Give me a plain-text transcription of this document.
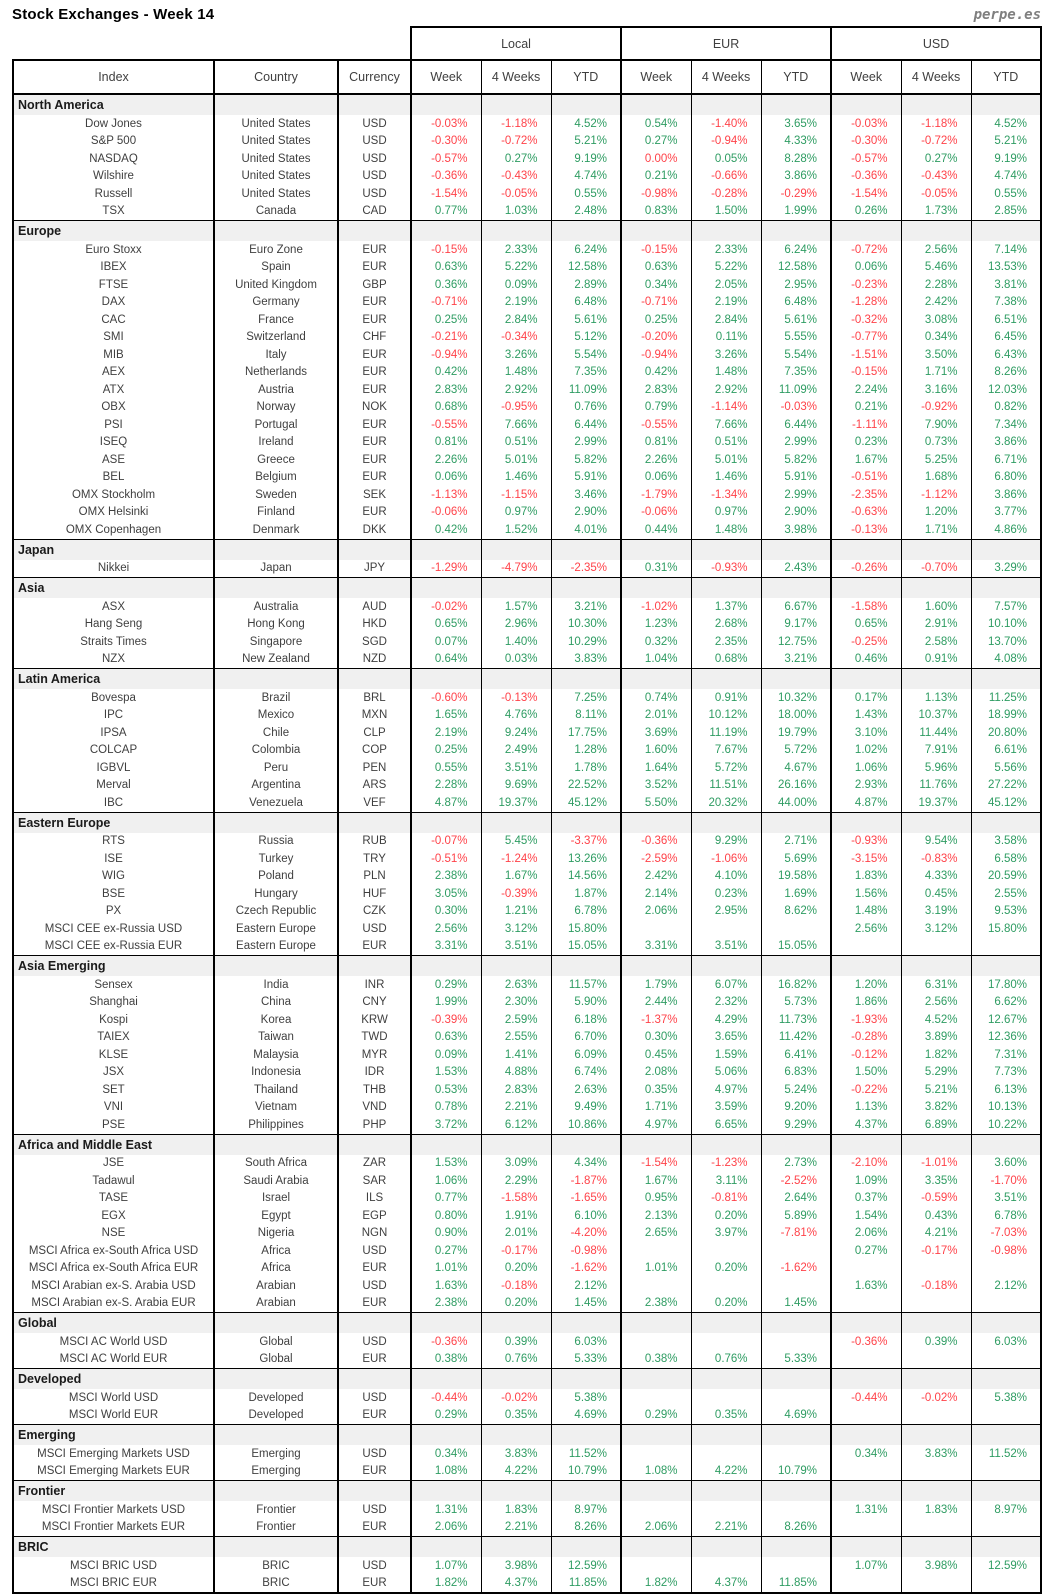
Stock Exchanges - Week 14	perpe.es
			Local			EUR			USD		
Index	Country	Currency	Week	4 Weeks	YTD	Week	4 Weeks	YTD	Week	4 Weeks	YTD
North America											
Dow Jones	United States	USD	-0.03%	-1.18%	4.52%	0.54%	-1.40%	3.65%	-0.03%	-1.18%	4.52%
S&P 500	United States	USD	-0.30%	-0.72%	5.21%	0.27%	-0.94%	4.33%	-0.30%	-0.72%	5.21%
NASDAQ	United States	USD	-0.57%	0.27%	9.19%	0.00%	0.05%	8.28%	-0.57%	0.27%	9.19%
Wilshire	United States	USD	-0.36%	-0.43%	4.74%	0.21%	-0.66%	3.86%	-0.36%	-0.43%	4.74%
Russell	United States	USD	-1.54%	-0.05%	0.55%	-0.98%	-0.28%	-0.29%	-1.54%	-0.05%	0.55%
TSX	Canada	CAD	0.77%	1.03%	2.48%	0.83%	1.50%	1.99%	0.26%	1.73%	2.85%
Europe											
Euro Stoxx	Euro Zone	EUR	-0.15%	2.33%	6.24%	-0.15%	2.33%	6.24%	-0.72%	2.56%	7.14%
IBEX	Spain	EUR	0.63%	5.22%	12.58%	0.63%	5.22%	12.58%	0.06%	5.46%	13.53%
FTSE	United Kingdom	GBP	0.36%	0.09%	2.89%	0.34%	2.05%	2.95%	-0.23%	2.28%	3.81%
DAX	Germany	EUR	-0.71%	2.19%	6.48%	-0.71%	2.19%	6.48%	-1.28%	2.42%	7.38%
CAC	France	EUR	0.25%	2.84%	5.61%	0.25%	2.84%	5.61%	-0.32%	3.08%	6.51%
SMI	Switzerland	CHF	-0.21%	-0.34%	5.12%	-0.20%	0.11%	5.55%	-0.77%	0.34%	6.45%
MIB	Italy	EUR	-0.94%	3.26%	5.54%	-0.94%	3.26%	5.54%	-1.51%	3.50%	6.43%
AEX	Netherlands	EUR	0.42%	1.48%	7.35%	0.42%	1.48%	7.35%	-0.15%	1.71%	8.26%
ATX	Austria	EUR	2.83%	2.92%	11.09%	2.83%	2.92%	11.09%	2.24%	3.16%	12.03%
OBX	Norway	NOK	0.68%	-0.95%	0.76%	0.79%	-1.14%	-0.03%	0.21%	-0.92%	0.82%
PSI	Portugal	EUR	-0.55%	7.66%	6.44%	-0.55%	7.66%	6.44%	-1.11%	7.90%	7.34%
ISEQ	Ireland	EUR	0.81%	0.51%	2.99%	0.81%	0.51%	2.99%	0.23%	0.73%	3.86%
ASE	Greece	EUR	2.26%	5.01%	5.82%	2.26%	5.01%	5.82%	1.67%	5.25%	6.71%
BEL	Belgium	EUR	0.06%	1.46%	5.91%	0.06%	1.46%	5.91%	-0.51%	1.68%	6.80%
OMX Stockholm	Sweden	SEK	-1.13%	-1.15%	3.46%	-1.79%	-1.34%	2.99%	-2.35%	-1.12%	3.86%
OMX Helsinki	Finland	EUR	-0.06%	0.97%	2.90%	-0.06%	0.97%	2.90%	-0.63%	1.20%	3.77%
OMX Copenhagen	Denmark	DKK	0.42%	1.52%	4.01%	0.44%	1.48%	3.98%	-0.13%	1.71%	4.86%
Japan											
Nikkei	Japan	JPY	-1.29%	-4.79%	-2.35%	0.31%	-0.93%	2.43%	-0.26%	-0.70%	3.29%
Asia											
ASX	Australia	AUD	-0.02%	1.57%	3.21%	-1.02%	1.37%	6.67%	-1.58%	1.60%	7.57%
Hang Seng	Hong Kong	HKD	0.65%	2.96%	10.30%	1.23%	2.68%	9.17%	0.65%	2.91%	10.10%
Straits Times	Singapore	SGD	0.07%	1.40%	10.29%	0.32%	2.35%	12.75%	-0.25%	2.58%	13.70%
NZX	New Zealand	NZD	0.64%	0.03%	3.83%	1.04%	0.68%	3.21%	0.46%	0.91%	4.08%
Latin America											
Bovespa	Brazil	BRL	-0.60%	-0.13%	7.25%	0.74%	0.91%	10.32%	0.17%	1.13%	11.25%
IPC	Mexico	MXN	1.65%	4.76%	8.11%	2.01%	10.12%	18.00%	1.43%	10.37%	18.99%
IPSA	Chile	CLP	2.19%	9.24%	17.75%	3.69%	11.19%	19.79%	3.10%	11.44%	20.80%
COLCAP	Colombia	COP	0.25%	2.49%	1.28%	1.60%	7.67%	5.72%	1.02%	7.91%	6.61%
IGBVL	Peru	PEN	0.55%	3.51%	1.78%	1.64%	5.72%	4.67%	1.06%	5.96%	5.56%
Merval	Argentina	ARS	2.28%	9.69%	22.52%	3.52%	11.51%	26.16%	2.93%	11.76%	27.22%
IBC	Venezuela	VEF	4.87%	19.37%	45.12%	5.50%	20.32%	44.00%	4.87%	19.37%	45.12%
Eastern Europe											
RTS	Russia	RUB	-0.07%	5.45%	-3.37%	-0.36%	9.29%	2.71%	-0.93%	9.54%	3.58%
ISE	Turkey	TRY	-0.51%	-1.24%	13.26%	-2.59%	-1.06%	5.69%	-3.15%	-0.83%	6.58%
WIG	Poland	PLN	2.38%	1.67%	14.56%	2.42%	4.10%	19.58%	1.83%	4.33%	20.59%
BSE	Hungary	HUF	3.05%	-0.39%	1.87%	2.14%	0.23%	1.69%	1.56%	0.45%	2.55%
PX	Czech Republic	CZK	0.30%	1.21%	6.78%	2.06%	2.95%	8.62%	1.48%	3.19%	9.53%
MSCI CEE ex-Russia USD	Eastern Europe	USD	2.56%	3.12%	15.80%				2.56%	3.12%	15.80%
MSCI CEE ex-Russia EUR	Eastern Europe	EUR	3.31%	3.51%	15.05%	3.31%	3.51%	15.05%			
Asia Emerging											
Sensex	India	INR	0.29%	2.63%	11.57%	1.79%	6.07%	16.82%	1.20%	6.31%	17.80%
Shanghai	China	CNY	1.99%	2.30%	5.90%	2.44%	2.32%	5.73%	1.86%	2.56%	6.62%
Kospi	Korea	KRW	-0.39%	2.59%	6.18%	-1.37%	4.29%	11.73%	-1.93%	4.52%	12.67%
TAIEX	Taiwan	TWD	0.63%	2.55%	6.70%	0.30%	3.65%	11.42%	-0.28%	3.89%	12.36%
KLSE	Malaysia	MYR	0.09%	1.41%	6.09%	0.45%	1.59%	6.41%	-0.12%	1.82%	7.31%
JSX	Indonesia	IDR	1.53%	4.88%	6.74%	2.08%	5.06%	6.83%	1.50%	5.29%	7.73%
SET	Thailand	THB	0.53%	2.83%	2.63%	0.35%	4.97%	5.24%	-0.22%	5.21%	6.13%
VNI	Vietnam	VND	0.78%	2.21%	9.49%	1.71%	3.59%	9.20%	1.13%	3.82%	10.13%
PSE	Philippines	PHP	3.72%	6.12%	10.86%	4.97%	6.65%	9.29%	4.37%	6.89%	10.22%
Africa and Middle East											
JSE	South Africa	ZAR	1.53%	3.09%	4.34%	-1.54%	-1.23%	2.73%	-2.10%	-1.01%	3.60%
Tadawul	Saudi Arabia	SAR	1.06%	2.29%	-1.87%	1.67%	3.11%	-2.52%	1.09%	3.35%	-1.70%
TASE	Israel	ILS	0.77%	-1.58%	-1.65%	0.95%	-0.81%	2.64%	0.37%	-0.59%	3.51%
EGX	Egypt	EGP	0.80%	1.91%	6.10%	2.13%	0.20%	5.89%	1.54%	0.43%	6.78%
NSE	Nigeria	NGN	0.90%	2.01%	-4.20%	2.65%	3.97%	-7.81%	2.06%	4.21%	-7.03%
MSCI Africa ex-South Africa USD	Africa	USD	0.27%	-0.17%	-0.98%				0.27%	-0.17%	-0.98%
MSCI Africa ex-South Africa EUR	Africa	EUR	1.01%	0.20%	-1.62%	1.01%	0.20%	-1.62%			
MSCI Arabian ex-S. Arabia USD	Arabian	USD	1.63%	-0.18%	2.12%				1.63%	-0.18%	2.12%
MSCI Arabian ex-S. Arabia EUR	Arabian	EUR	2.38%	0.20%	1.45%	2.38%	0.20%	1.45%			
Global											
MSCI AC World USD	Global	USD	-0.36%	0.39%	6.03%				-0.36%	0.39%	6.03%
MSCI AC World EUR	Global	EUR	0.38%	0.76%	5.33%	0.38%	0.76%	5.33%			
Developed											
MSCI World USD	Developed	USD	-0.44%	-0.02%	5.38%				-0.44%	-0.02%	5.38%
MSCI World EUR	Developed	EUR	0.29%	0.35%	4.69%	0.29%	0.35%	4.69%			
Emerging											
MSCI Emerging Markets USD	Emerging	USD	0.34%	3.83%	11.52%				0.34%	3.83%	11.52%
MSCI Emerging Markets EUR	Emerging	EUR	1.08%	4.22%	10.79%	1.08%	4.22%	10.79%			
Frontier											
MSCI Frontier Markets USD	Frontier	USD	1.31%	1.83%	8.97%				1.31%	1.83%	8.97%
MSCI Frontier Markets EUR	Frontier	EUR	2.06%	2.21%	8.26%	2.06%	2.21%	8.26%			
BRIC											
MSCI BRIC USD	BRIC	USD	1.07%	3.98%	12.59%				1.07%	3.98%	12.59%
MSCI BRIC EUR	BRIC	EUR	1.82%	4.37%	11.85%	1.82%	4.37%	11.85%			
